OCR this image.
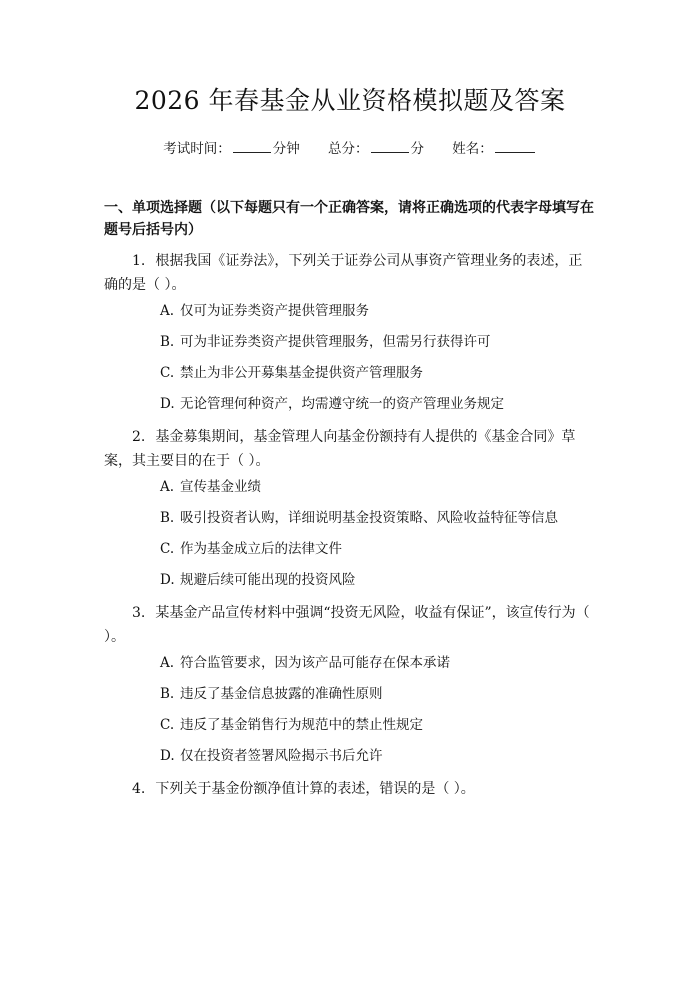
2026 年春基金从业资格模拟题及答案
考试时间：	分钟 总分：	分 姓名：
一、单项选择题（以下每题只有一个正确答案，请将正确选项的代表字母填写在题号后括号内）
1. 根据我国《证券法》，下列关于证券公司从事资产管理业务的表述，正确的是（ ）。
A. 仅可为证券类资产提供管理服务
B. 可为非证券类资产提供管理服务，但需另行获得许可
C. 禁止为非公开募集基金提供资产管理服务
D. 无论管理何种资产，均需遵守统一的资产管理业务规定
2. 基金募集期间，基金管理人向基金份额持有人提供的《基金合同》草案，其主要目的在于（ ）。
A. 宣传基金业绩
B. 吸引投资者认购，详细说明基金投资策略、风险收益特征等信息
C. 作为基金成立后的法律文件
D. 规避后续可能出现的投资风险
3. 某基金产品宣传材料中强调“投资无风险，收益有保证”，该宣传行为（ ）。
A. 符合监管要求，因为该产品可能存在保本承诺
B. 违反了基金信息披露的准确性原则
C. 违反了基金销售行为规范中的禁止性规定
D. 仅在投资者签署风险揭示书后允许
4. 下列关于基金份额净值计算的表述，错误的是（ ）。
